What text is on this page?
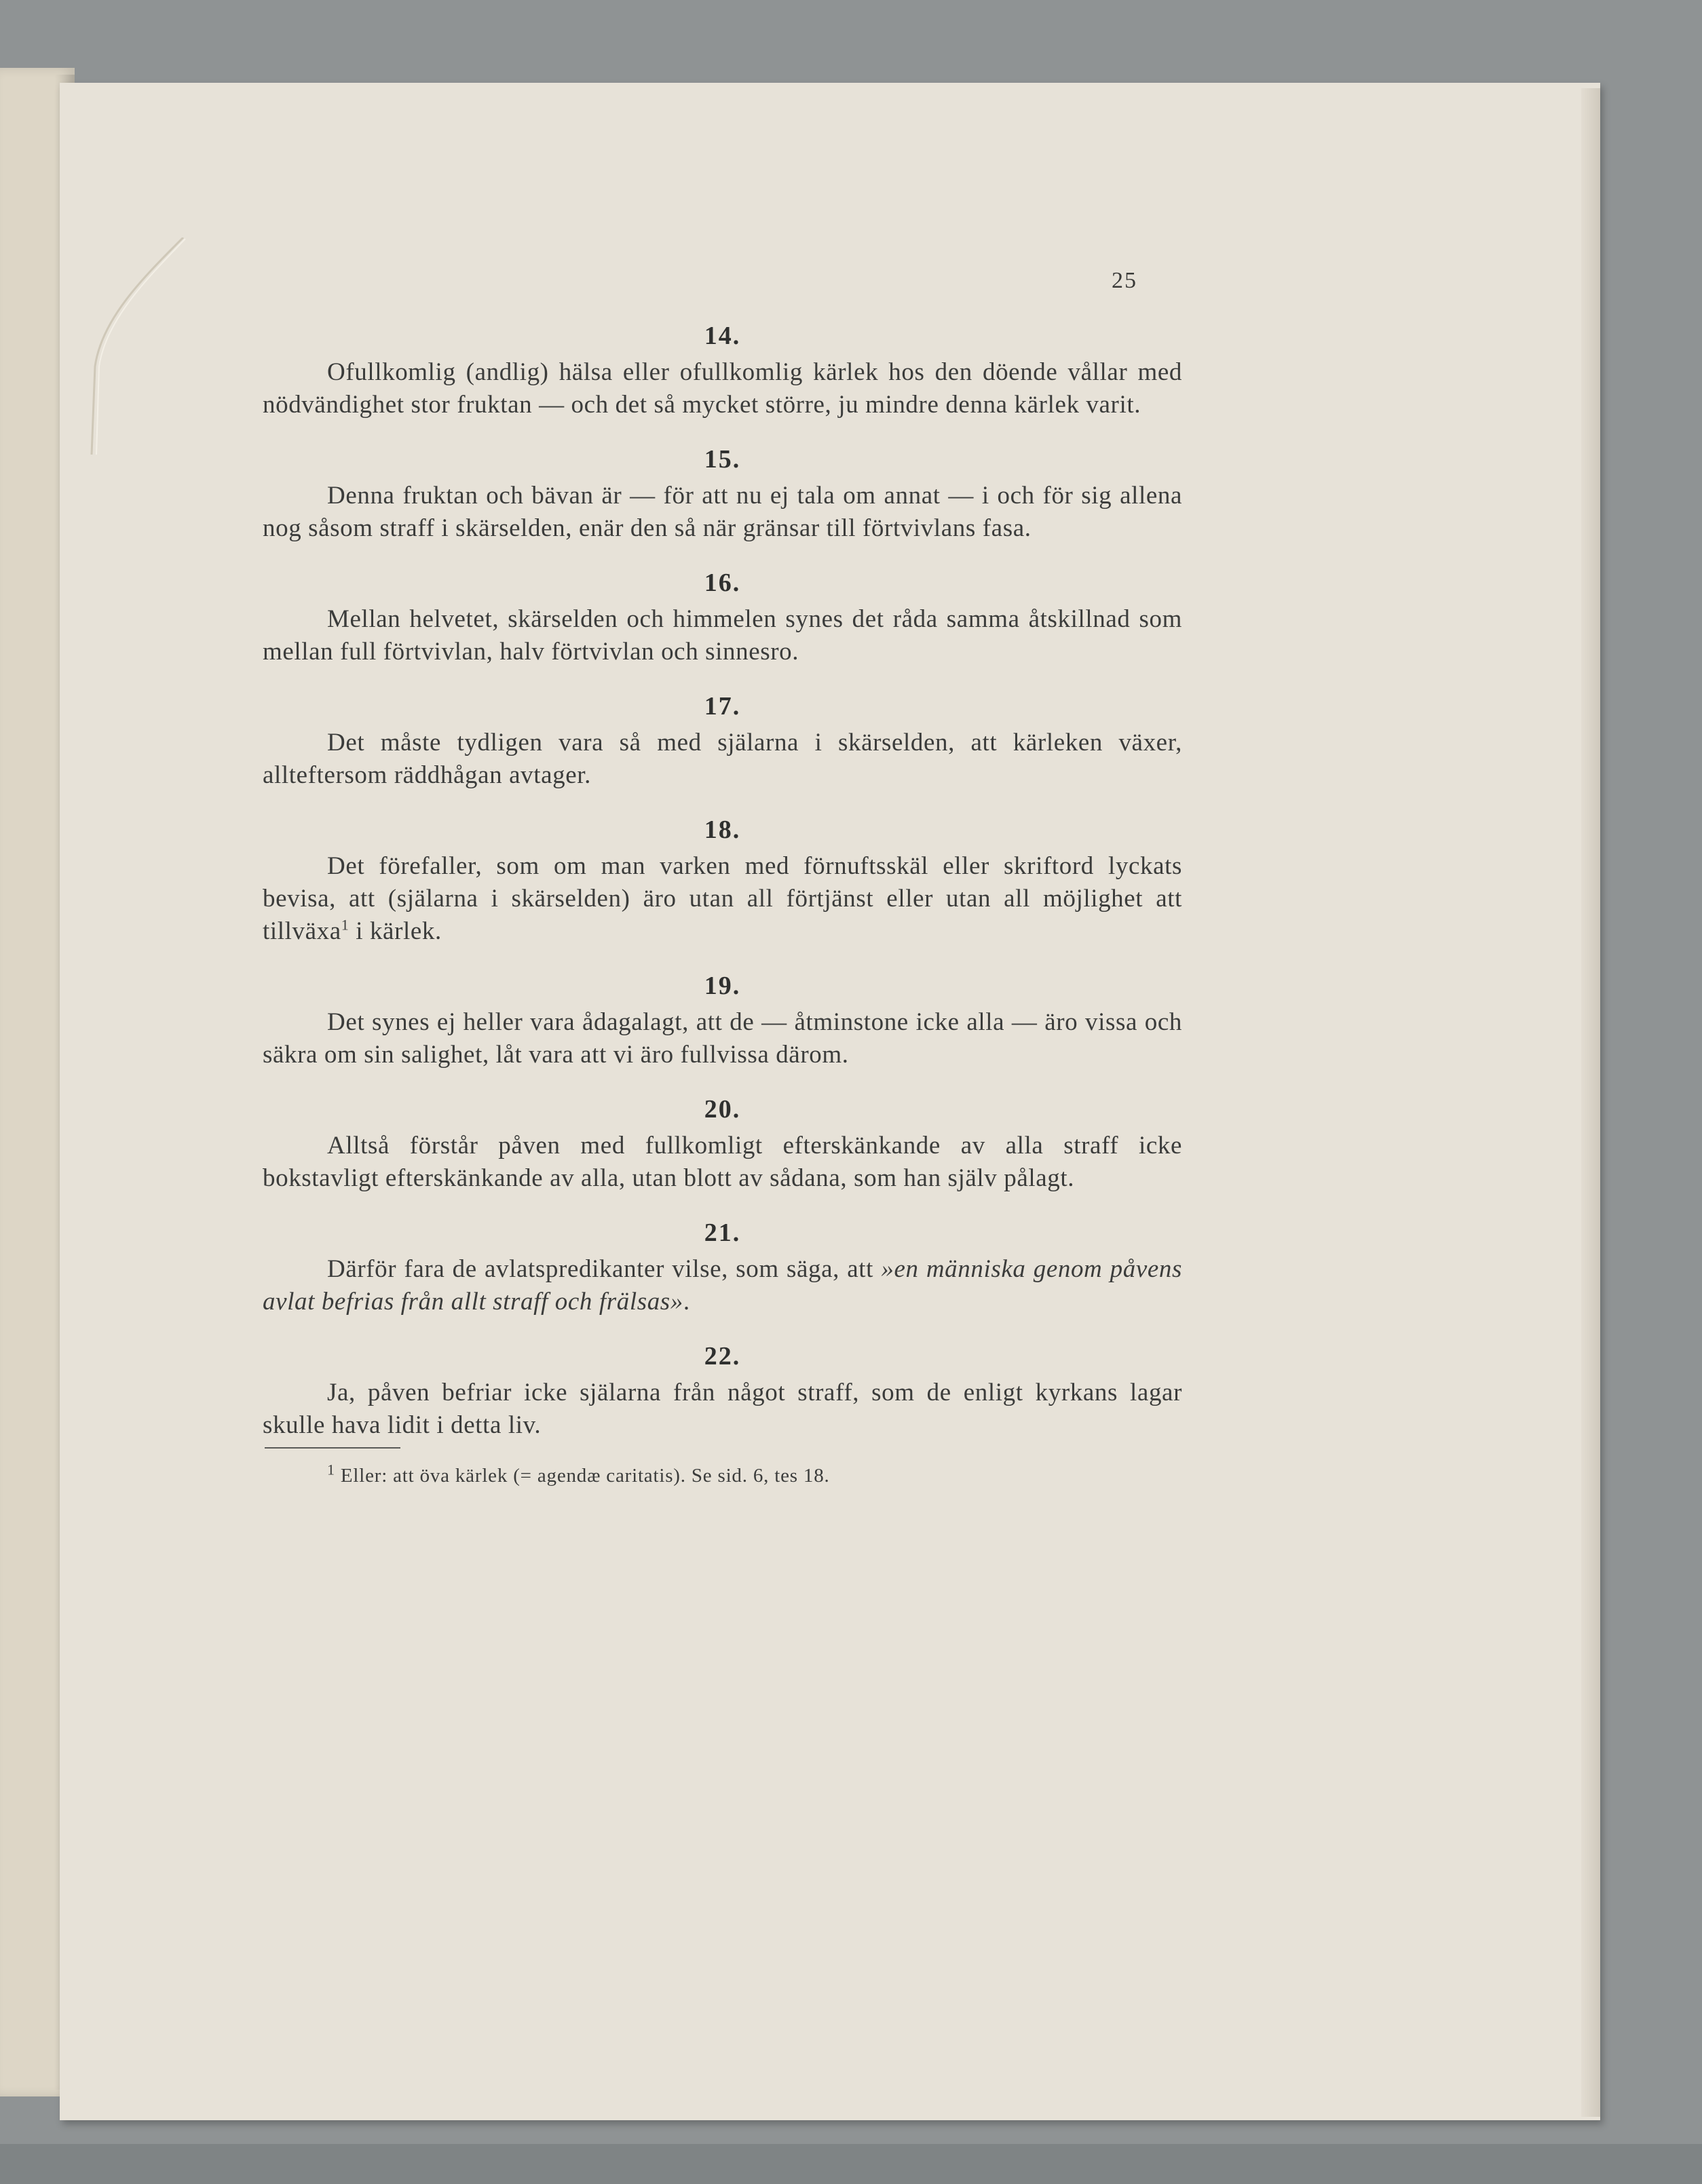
25

14.

Ofullkomlig (andlig) hälsa eller ofullkomlig kärlek hos den döende vållar med nödvändighet stor fruktan — och det så mycket större, ju mindre denna kärlek varit.

15.

Denna fruktan och bävan är — för att nu ej tala om annat — i och för sig allena nog såsom straff i skärselden, enär den så när gränsar till förtvivlans fasa.

16.

Mellan helvetet, skärselden och himmelen synes det råda samma åtskillnad som mellan full förtvivlan, halv förtvivlan och sinnesro.

17.

Det måste tydligen vara så med själarna i skärselden, att kärleken växer, allteftersom räddhågan avtager.

18.

Det förefaller, som om man varken med förnuftsskäl eller skriftord lyckats bevisa, att (själarna i skärselden) äro utan all förtjänst eller utan all möjlighet att tillväxa$^1$ i kärlek.

19.

Det synes ej heller vara ådagalagt, att de — åtminstone icke alla — äro vissa och säkra om sin salighet, låt vara att vi äro fullvissa därom.

20.

Alltså förstår påven med fullkomligt efterskänkande av alla straff icke bokstavligt efterskänkande av alla, utan blott av sådana, som han själv pålagt.

21.

Därför fara de avlatspredikanter vilse, som säga, att »en människa genom påvens avlat befrias från allt straff och frälsas».

22.

Ja, påven befriar icke själarna från något straff, som de enligt kyrkans lagar skulle hava lidit i detta liv.

$^1$ Eller: att öva kärlek (= agendæ caritatis). Se sid. 6, tes 18.
